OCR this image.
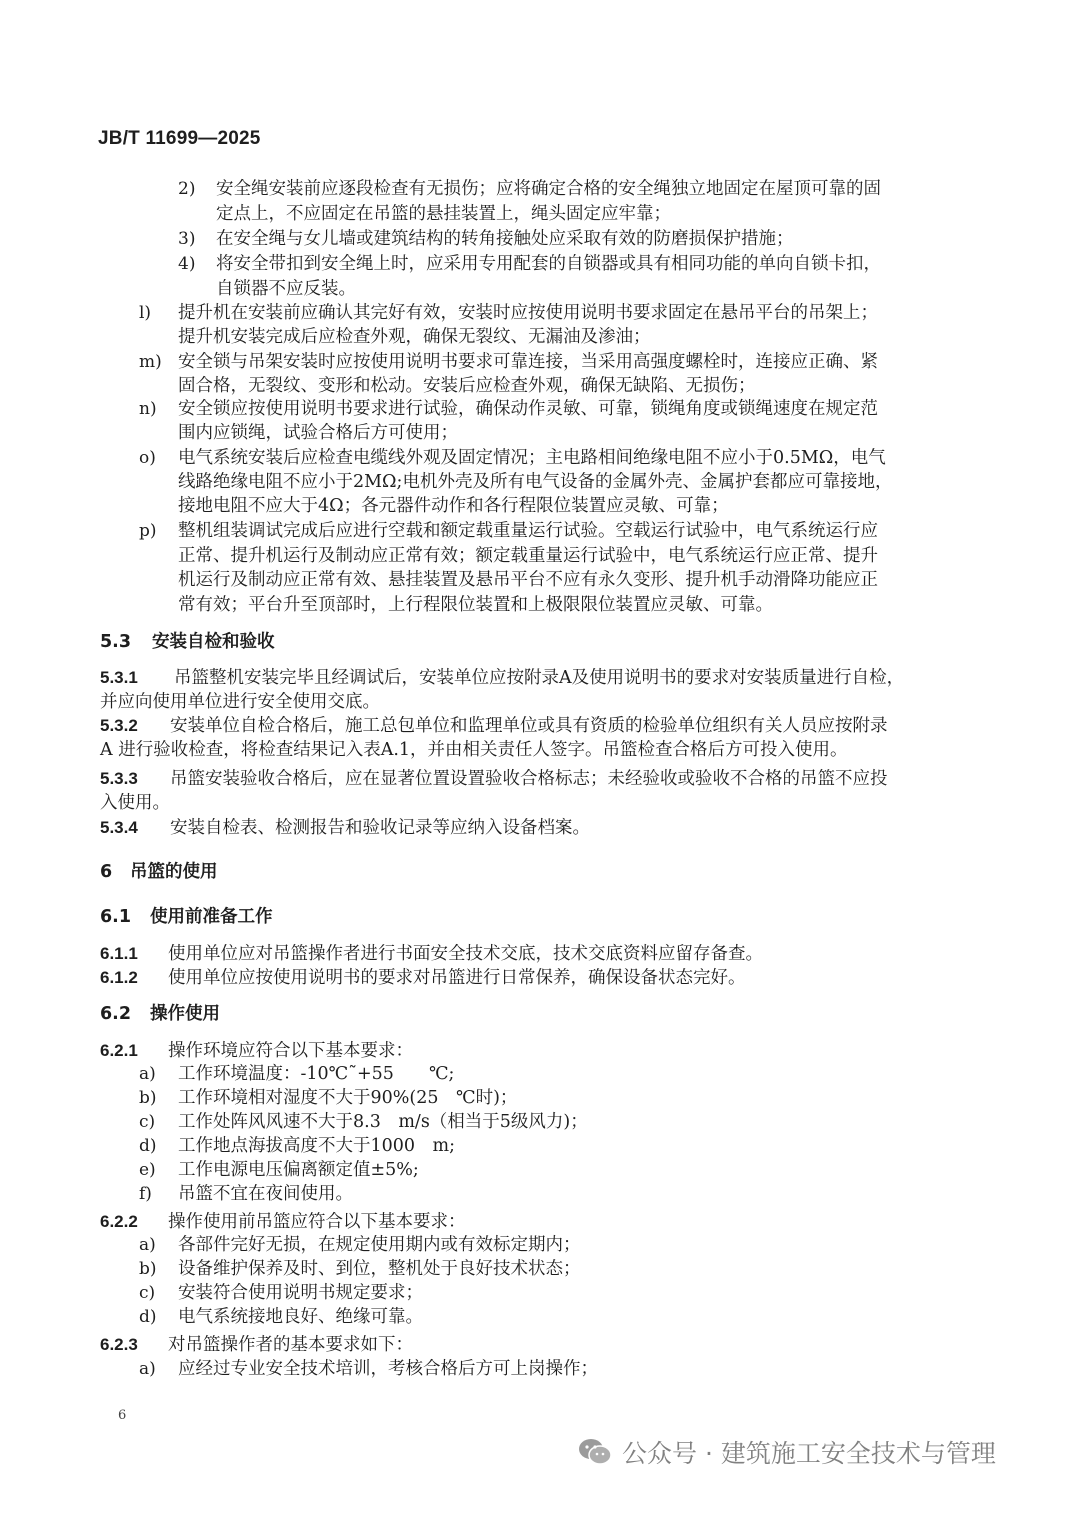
JB/T 11699—2025
2) 安全绳安装前应逐段检查有无损伤；应将确定合格的安全绳独立地固定在屋顶可靠的固
定点上，不应固定在吊篮的悬挂装置上，绳头固定应牢靠；
3) 在安全绳与女儿墙或建筑结构的转角接触处应采取有效的防磨损保护措施；
4) 将安全带扣到安全绳上时，应采用专用配套的自锁器或具有相同功能的单向自锁卡扣，
自锁器不应反装。
l) 提升机在安装前应确认其完好有效，安装时应按使用说明书要求固定在悬吊平台的吊架上；
提升机安装完成后应检查外观，确保无裂纹、无漏油及渗油；
m) 安全锁与吊架安装时应按使用说明书要求可靠连接，当采用高强度螺栓时，连接应正确、紧
固合格，无裂纹、变形和松动。安装后应检查外观，确保无缺陷、无损伤；
n) 安全锁应按使用说明书要求进行试验，确保动作灵敏、可靠，锁绳角度或锁绳速度在规定范
围内应锁绳，试验合格后方可使用；
o) 电气系统安装后应检查电缆线外观及固定情况；主电路相间绝缘电阻不应小于0.5MΩ，电气
线路绝缘电阻不应小于2MΩ;电机外壳及所有电气设备的金属外壳、金属护套都应可靠接地，
接地电阻不应大于4Ω；各元器件动作和各行程限位装置应灵敏、可靠；
p) 整机组装调试完成后应进行空载和额定载重量运行试验。空载运行试验中，电气系统运行应
正常、提升机运行及制动应正常有效；额定载重量运行试验中，电气系统运行应正常、提升
机运行及制动应正常有效、悬挂装置及悬吊平台不应有永久变形、提升机手动滑降功能应正
常有效；平台升至顶部时，上行程限位装置和上极限限位装置应灵敏、可靠。
5.3 安装自检和验收
5.3.1 吊篮整机安装完毕且经调试后，安装单位应按附录A及使用说明书的要求对安装质量进行自检，
并应向使用单位进行安全使用交底。
5.3.2 安装单位自检合格后，施工总包单位和监理单位或具有资质的检验单位组织有关人员应按附录
A 进行验收检查，将检查结果记入表A.1，并由相关责任人签字。吊篮检查合格后方可投入使用。
5.3.3 吊篮安装验收合格后，应在显著位置设置验收合格标志；未经验收或验收不合格的吊篮不应投
入使用。
5.3.4 安装自检表、检测报告和验收记录等应纳入设备档案。
6 吊篮的使用
6.1 使用前准备工作
6.1.1 使用单位应对吊篮操作者进行书面安全技术交底，技术交底资料应留存备查。
6.1.2 使用单位应按使用说明书的要求对吊篮进行日常保养，确保设备状态完好。
6.2 操作使用
6.2.1 操作环境应符合以下基本要求：
a) 工作环境温度：-10℃˜+55　　℃;
b) 工作环境相对湿度不大于90%(25　℃时)；
c) 工作处阵风风速不大于8.3　m/s（相当于5级风力)；
d) 工作地点海拔高度不大于1000　m;
e) 工作电源电压偏离额定值±5%;
f) 吊篮不宜在夜间使用。
6.2.2 操作使用前吊篮应符合以下基本要求：
a) 各部件完好无损，在规定使用期内或有效标定期内；
b) 设备维护保养及时、到位，整机处于良好技术状态；
c) 安装符合使用说明书规定要求；
d) 电气系统接地良好、绝缘可靠。
6.2.3 对吊篮操作者的基本要求如下：
a) 应经过专业安全技术培训，考核合格后方可上岗操作；
6
公众号 · 建筑施工安全技术与管理
